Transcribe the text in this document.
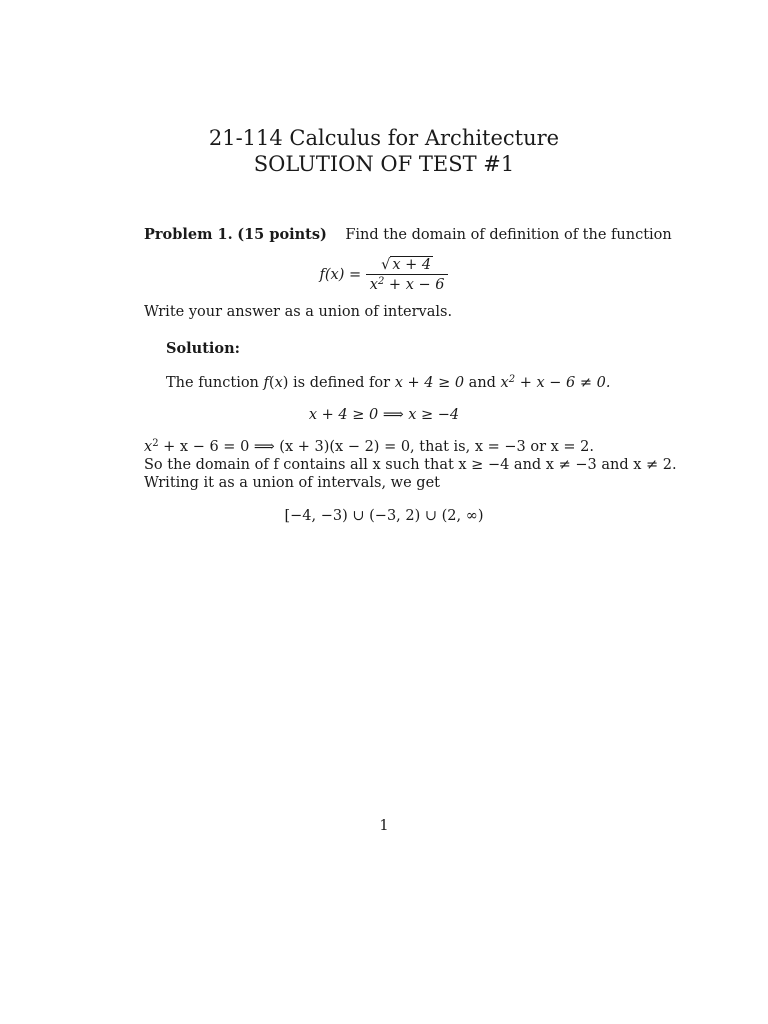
21-114 Calculus for Architecture
SOLUTION OF TEST #1
Problem 1. (15 points) Find the domain of definition of the function
$f(x) = \frac{√ x + 4}{x^2 + x - 6}$
Write your answer as a union of intervals.
Solution:
The function f(x) is defined for x + 4 ≥ 0 and $x^2 + x - 6 \ne 0$.
x + 4 ≥ 0 ⟹ x ≥ −4
$x^2 + x - 6 = 0$ ⟹ (x + 3)(x − 2) = 0, that is, x = −3 or x = 2.
So the domain of f contains all x such that x ≥ −4 and x ≠ −3 and x ≠ 2.
Writing it as a union of intervals, we get
[−4, −3) ∪ (−3, 2) ∪ (2, ∞)
1
